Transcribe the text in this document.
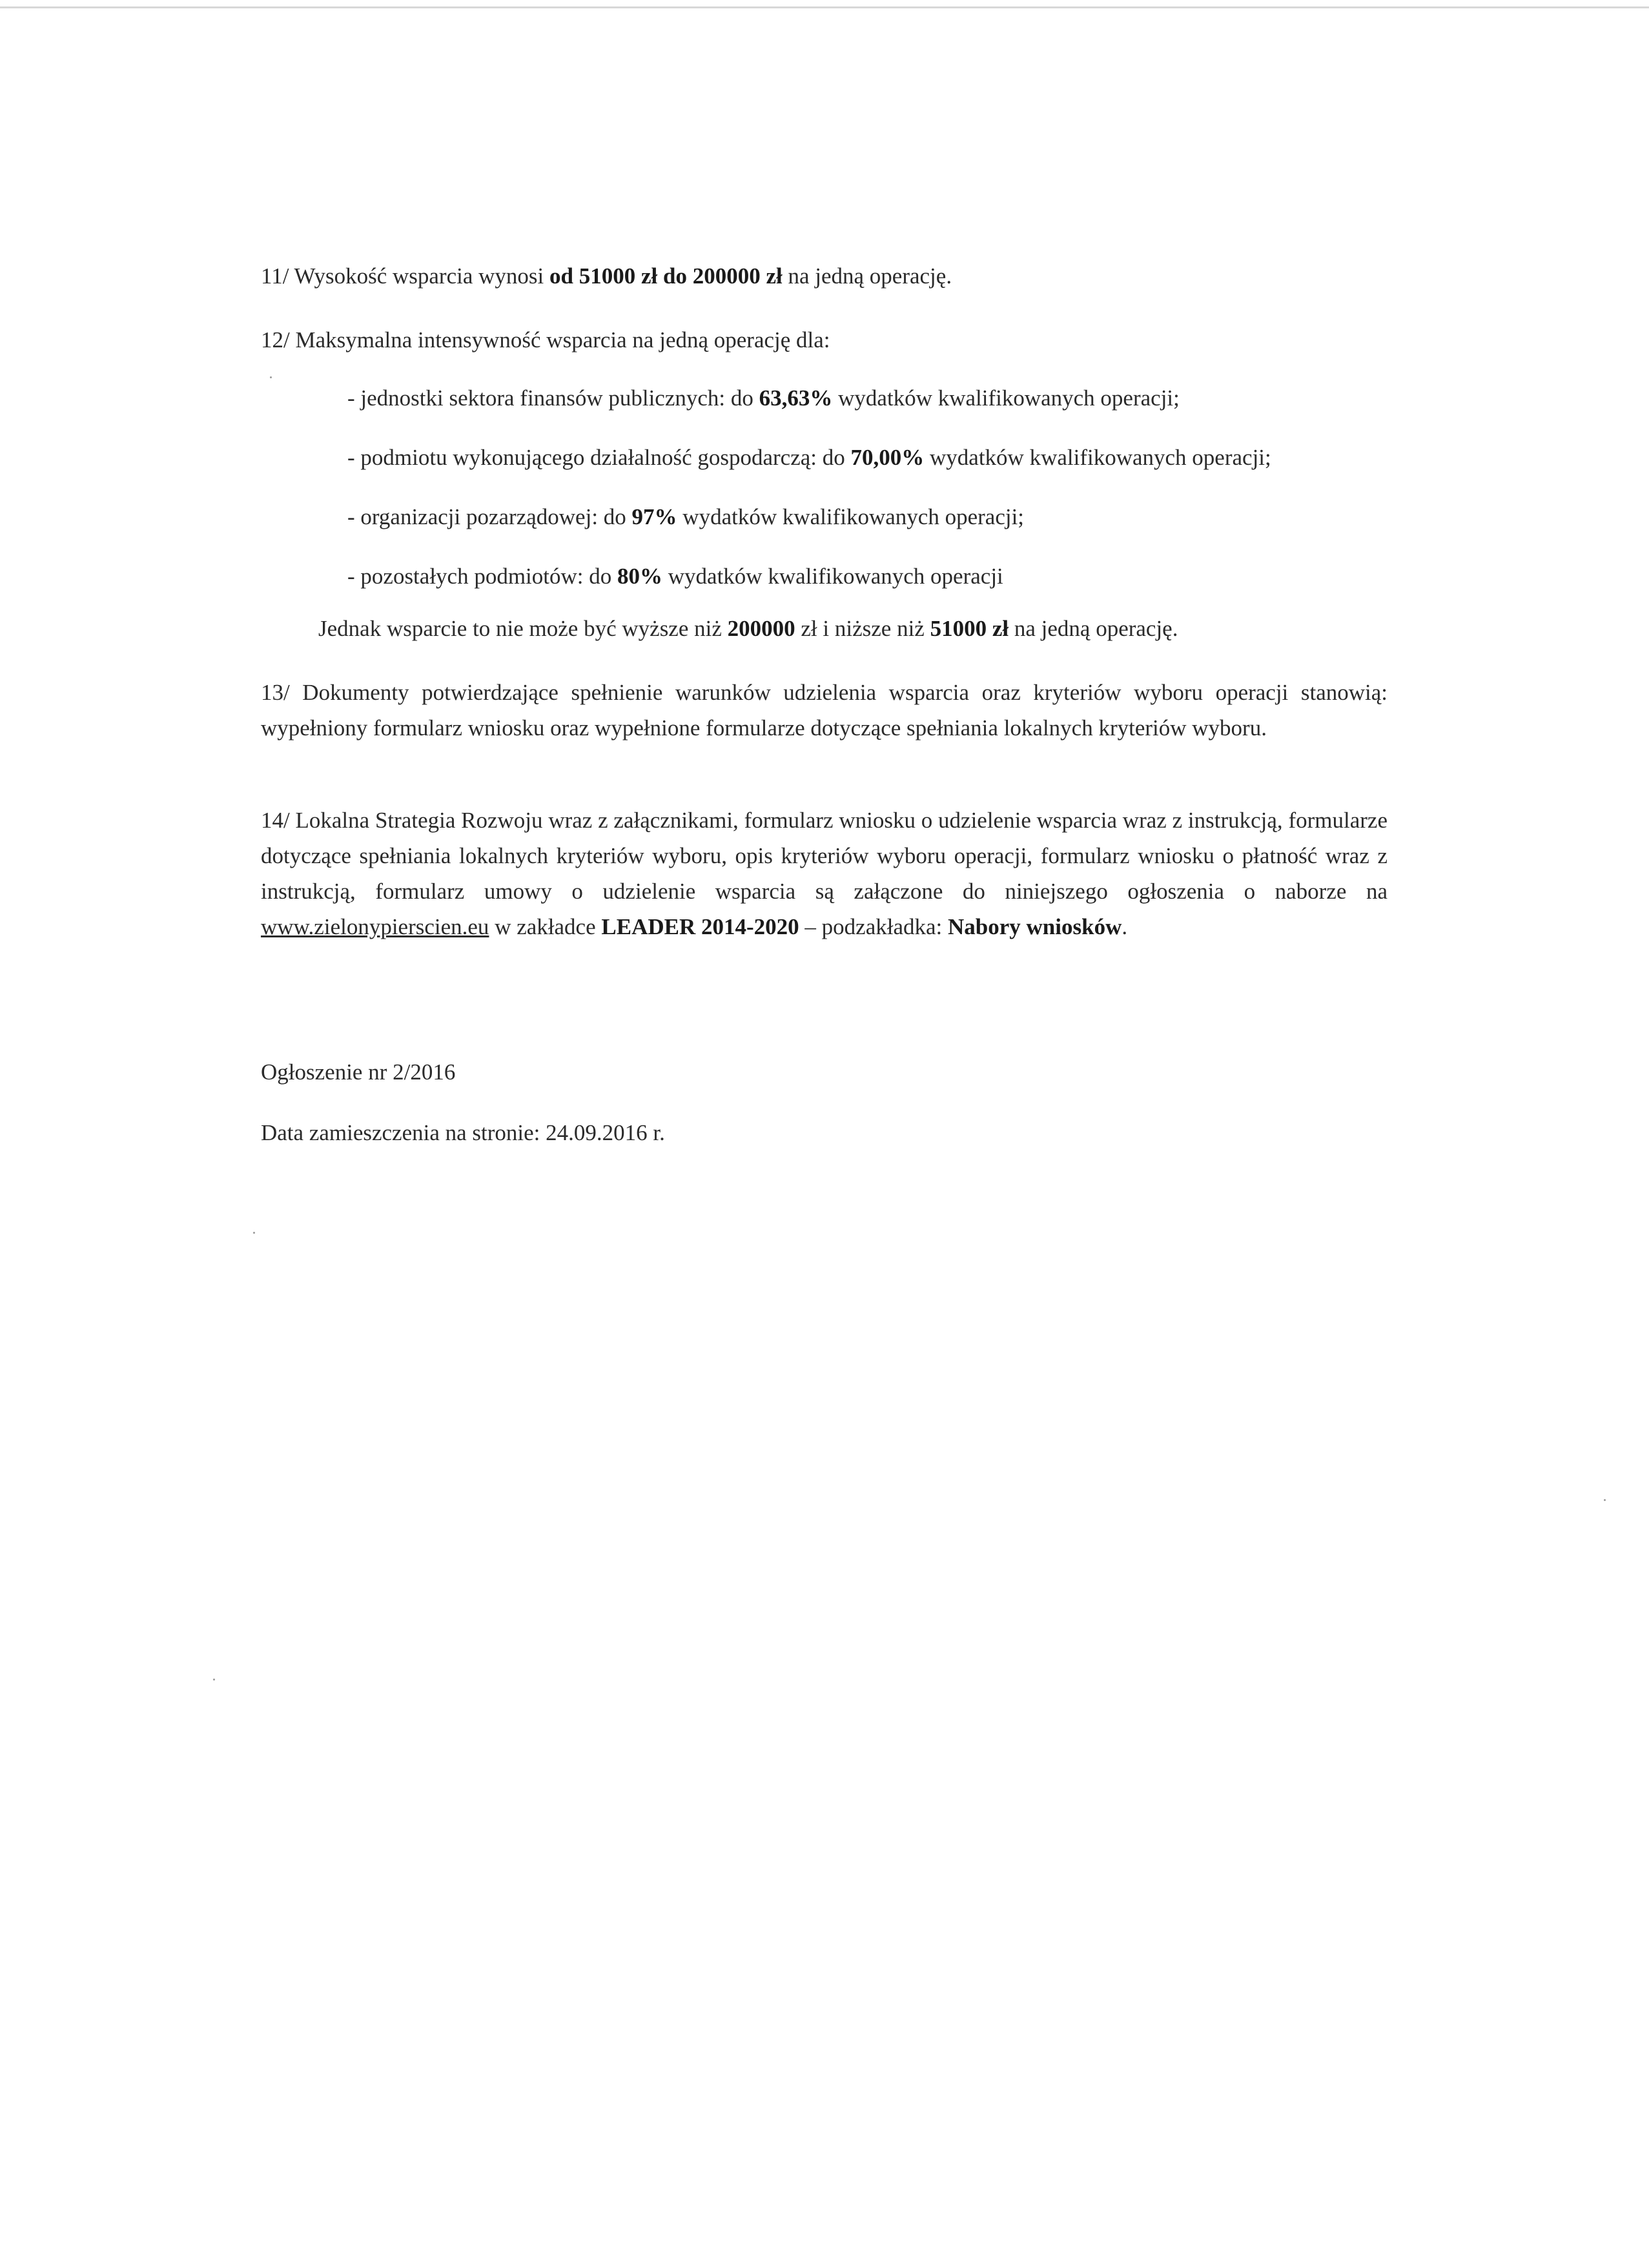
11/ Wysokość wsparcia wynosi od 51000 zł do 200000 zł na jedną operację.

12/ Maksymalna intensywność wsparcia na jedną operację dla:

- jednostki sektora finansów publicznych: do 63,63% wydatków kwalifikowanych operacji;
- podmiotu wykonującego działalność gospodarczą: do 70,00% wydatków kwalifikowanych operacji;
- organizacji pozarządowej: do 97% wydatków kwalifikowanych operacji;
- pozostałych podmiotów: do 80% wydatków kwalifikowanych operacji

Jednak wsparcie to nie może być wyższe niż 200000 zł i niższe niż 51000 zł na jedną operację.

13/ Dokumenty potwierdzające spełnienie warunków udzielenia wsparcia oraz kryteriów wyboru operacji stanowią: wypełniony formularz wniosku oraz wypełnione formularze dotyczące spełniania lokalnych kryteriów wyboru.

14/ Lokalna Strategia Rozwoju wraz z załącznikami, formularz wniosku o udzielenie wsparcia wraz z instrukcją, formularze dotyczące spełniania lokalnych kryteriów wyboru, opis kryteriów wyboru operacji, formularz wniosku o płatność wraz z instrukcją, formularz umowy o udzielenie wsparcia są załączone do niniejszego ogłoszenia o naborze na www.zielonypierscien.eu w zakładce LEADER 2014-2020 – podzakładka: Nabory wniosków.

Ogłoszenie nr 2/2016

Data zamieszczenia na stronie: 24.09.2016 r.
